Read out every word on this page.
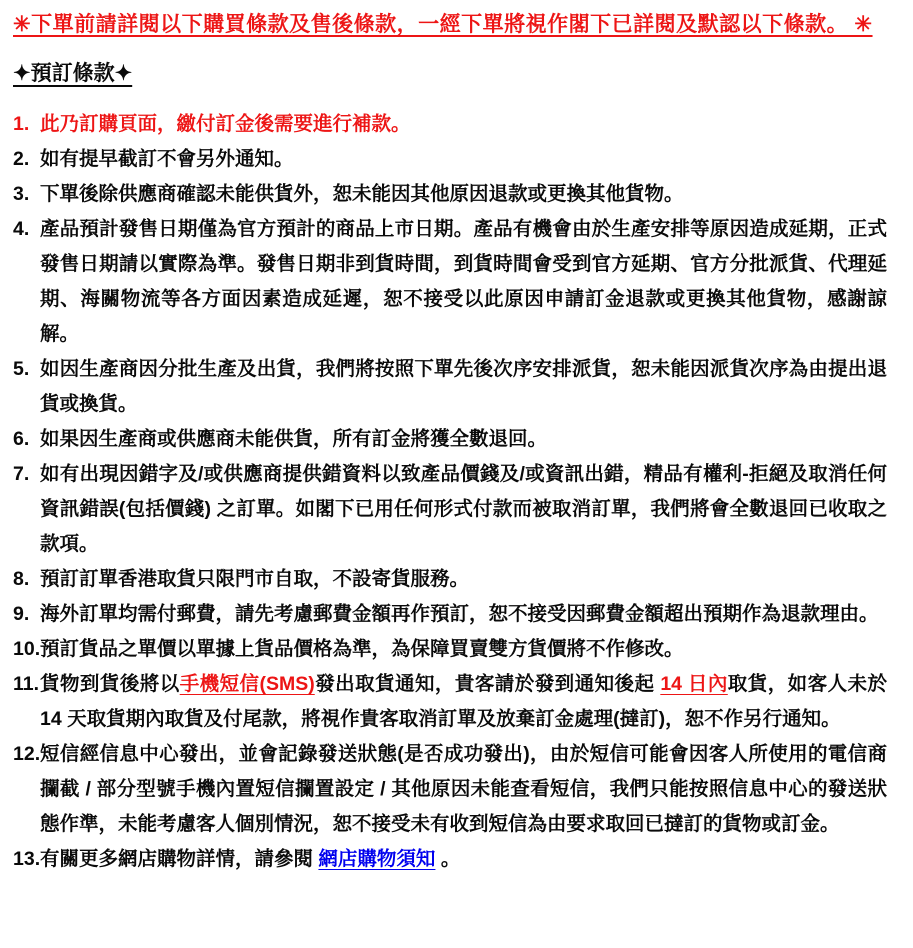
✳下單前請詳閱以下購買條款及售後條款，一經下單將視作閣下已詳閱及默認以下條款。 ✳

✦預訂條款✦
1. 此乃訂購頁面，繳付訂金後需要進行補款。
2. 如有提早截訂不會另外通知。
3. 下單後除供應商確認未能供貨外，恕未能因其他原因退款或更換其他貨物。
4. 產品預計發售日期僅為官方預計的商品上市日期。產品有機會由於生產安排等原因造成延期，正式發售日期請以實際為準。發售日期非到貨時間，到貨時間會受到官方延期、官方分批派貨、代理延期、海關物流等各方面因素造成延遲，恕不接受以此原因申請訂金退款或更換其他貨物，感謝諒解。
5. 如因生產商因分批生產及出貨，我們將按照下單先後次序安排派貨，恕未能因派貨次序為由提出退貨或換貨。
6. 如果因生產商或供應商未能供貨，所有訂金將獲全數退回。
7. 如有出現因錯字及/或供應商提供錯資料以致產品價錢及/或資訊出錯，精品有權利-拒絕及取消任何資訊錯誤(包括價錢) 之訂單。如閣下已用任何形式付款而被取消訂單，我們將會全數退回已收取之款項。
8. 預訂訂單香港取貨只限門市自取，不設寄貨服務。
9. 海外訂單均需付郵費，請先考慮郵費金額再作預訂，恕不接受因郵費金額超出預期作為退款理由。
10. 預訂貨品之單價以單據上貨品價格為準，為保障買賣雙方貨價將不作修改。
11. 貨物到貨後將以手機短信(SMS)發出取貨通知，貴客請於發到通知後起 14 日內取貨，如客人未於 14 天取貨期內取貨及付尾款，將視作貴客取消訂單及放棄訂金處理(撻訂)，恕不作另行通知。
12. 短信經信息中心發出，並會記錄發送狀態(是否成功發出)，由於短信可能會因客人所使用的電信商攔截 / 部分型號手機內置短信攔置設定 / 其他原因未能查看短信，我們只能按照信息中心的發送狀態作準，未能考慮客人個別情況，恕不接受未有收到短信為由要求取回已撻訂的貨物或訂金。
13. 有關更多網店購物詳情，請參閱 網店購物須知 。
